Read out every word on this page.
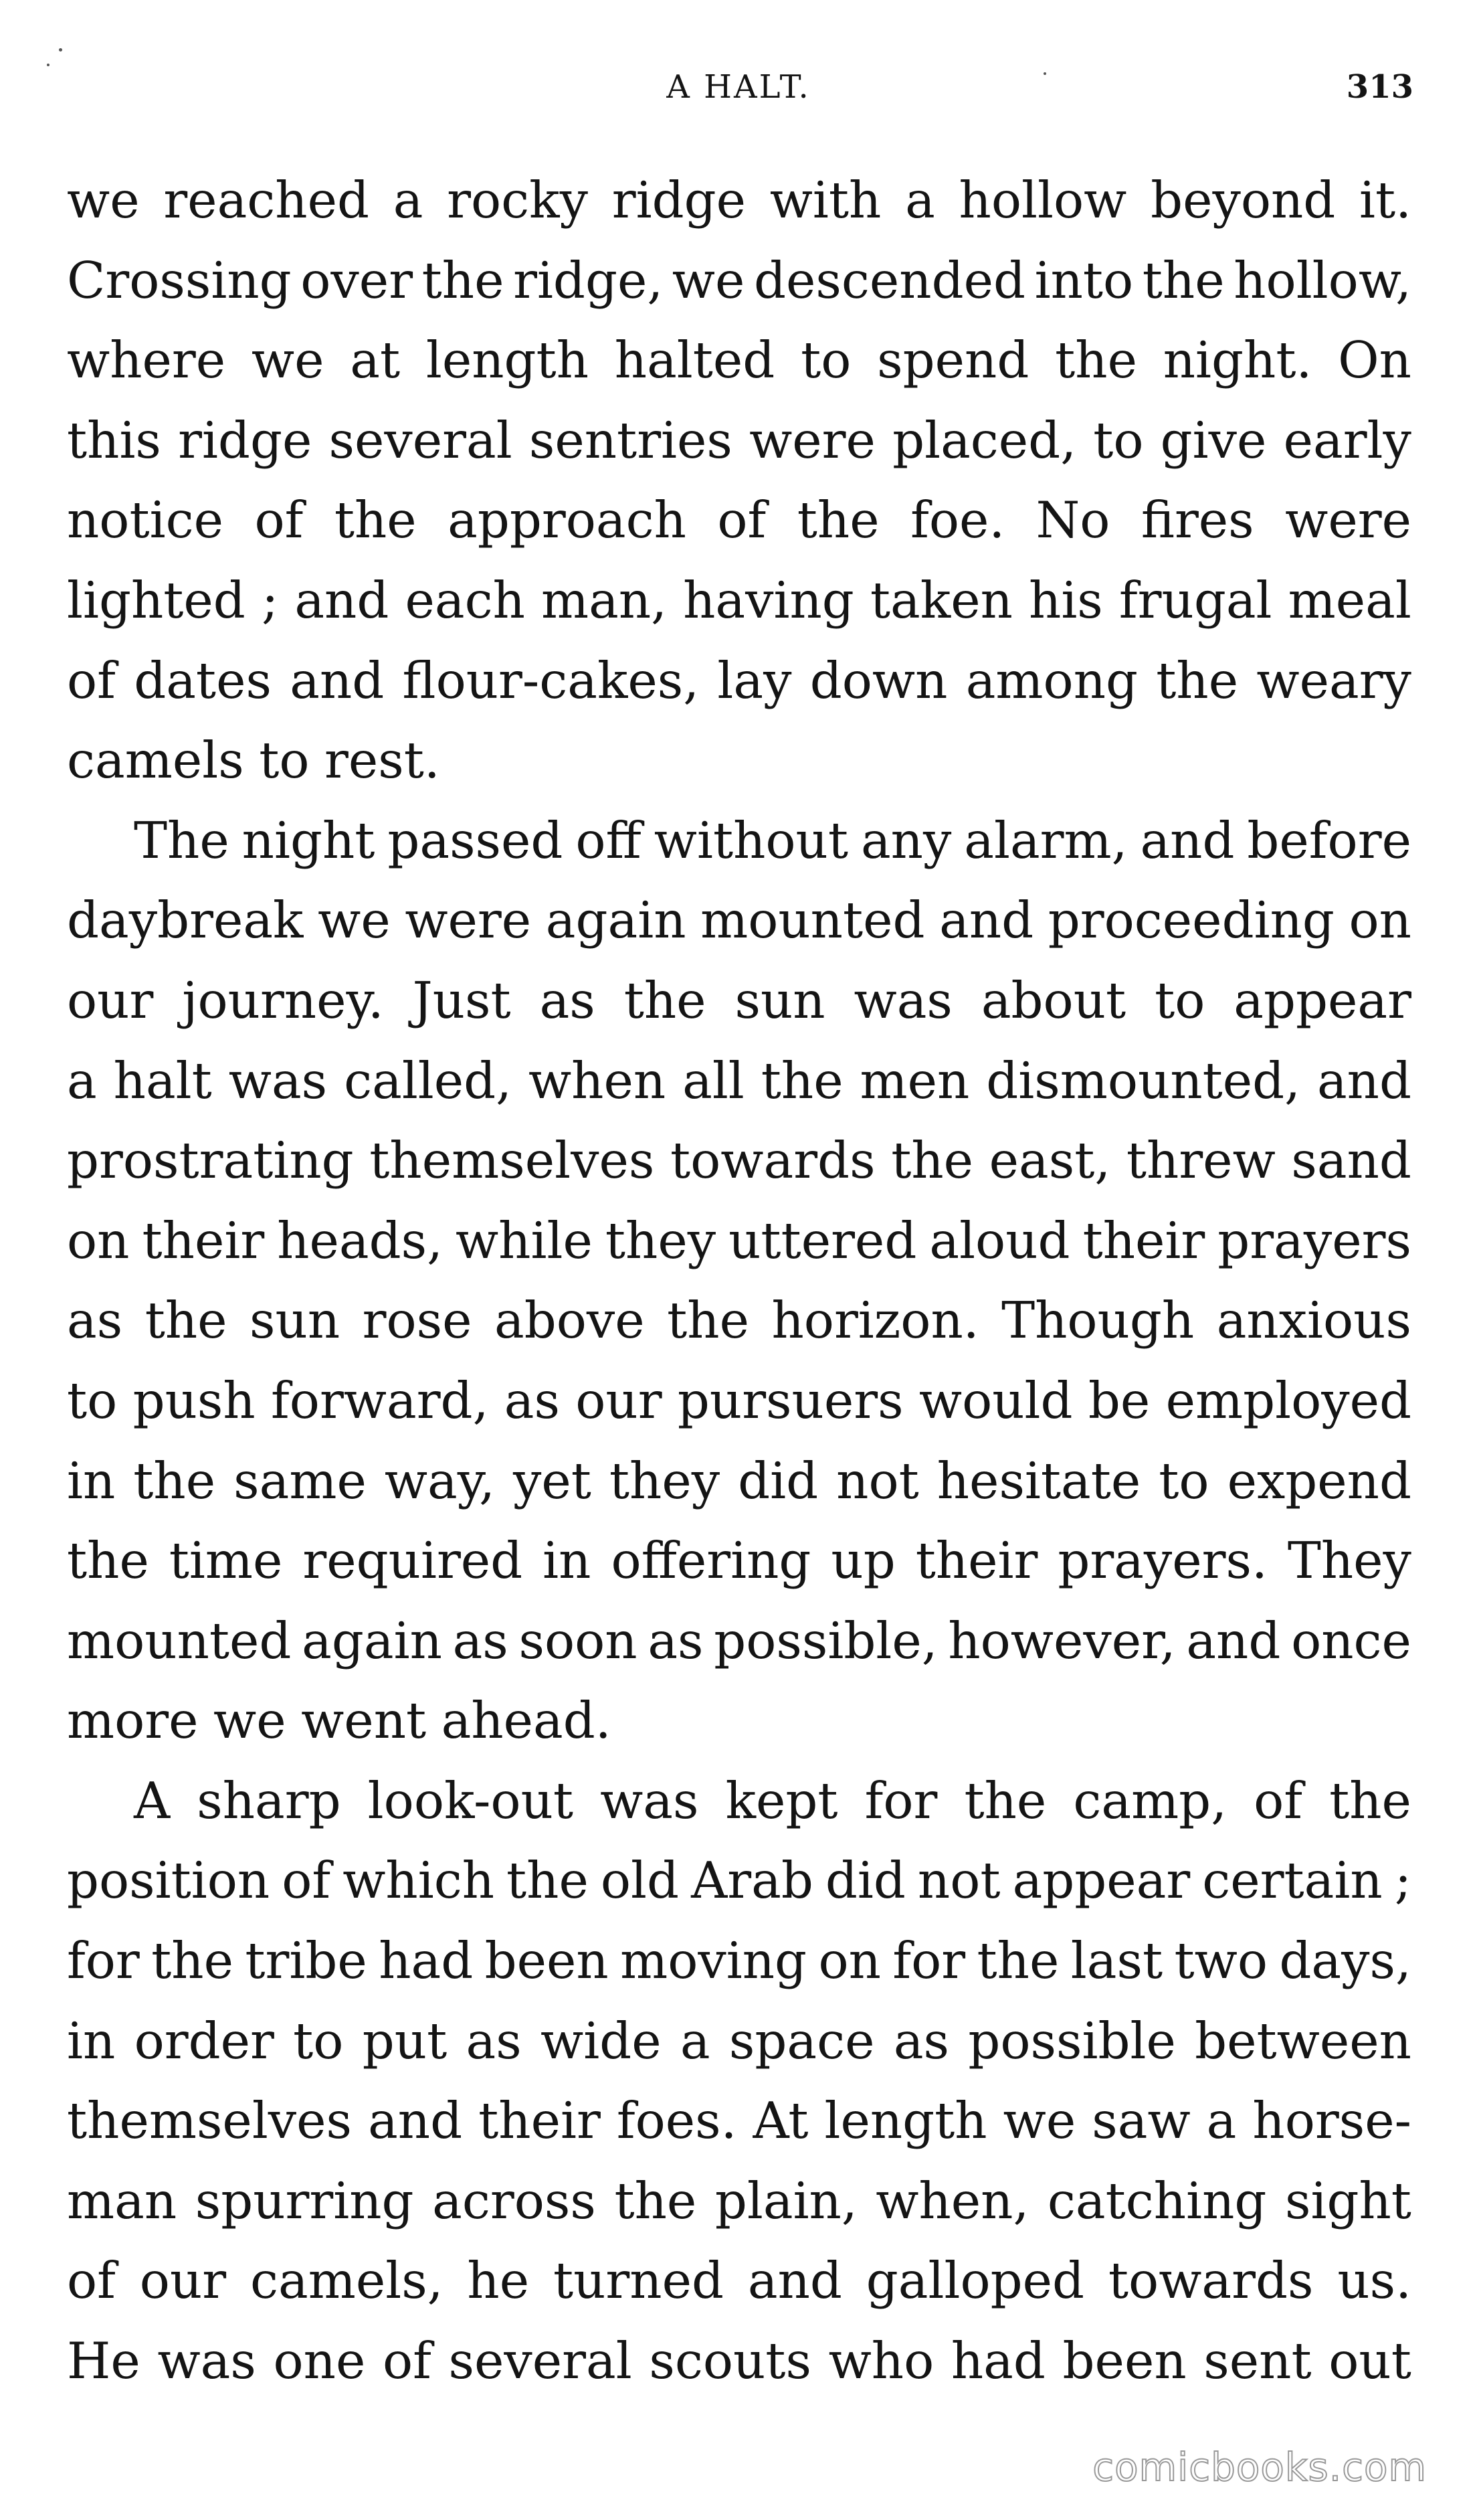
A HALT.	313
we reached a rocky ridge with a hollow beyond it.
Crossing over the ridge, we descended into the hollow,
where we at length halted to spend the night. On
this ridge several sentries were placed, to give early
notice of the approach of the foe. No fires were
lighted ; and each man, having taken his frugal meal
of dates and flour-cakes, lay down among the weary
camels to rest.
The night passed off without any alarm, and before
daybreak we were again mounted and proceeding on
our journey. Just as the sun was about to appear
a halt was called, when all the men dismounted, and
prostrating themselves towards the east, threw sand
on their heads, while they uttered aloud their prayers
as the sun rose above the horizon. Though anxious
to push forward, as our pursuers would be employed
in the same way, yet they did not hesitate to expend
the time required in offering up their prayers. They
mounted again as soon as possible, however, and once
more we went ahead.
A sharp look-out was kept for the camp, of the
position of which the old Arab did not appear certain ;
for the tribe had been moving on for the last two days,
in order to put as wide a space as possible between
themselves and their foes. At length we saw a horse-
man spurring across the plain, when, catching sight
of our camels, he turned and galloped towards us.
He was one of several scouts who had been sent out
comicbooks.com
